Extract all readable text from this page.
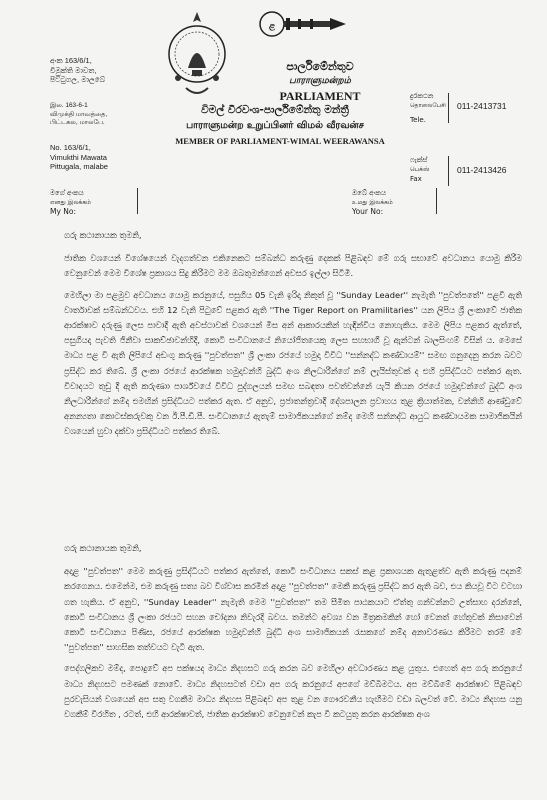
අංක 163/6/1,
විමුක්ති මාවත,
පිට්ටුගල, මාලබේ
இல. 163-6-1
விமுக்தி மாவத்தை,
பிட்டகல, மாலபே.
No. 163/6/1,
Vimukthi Mawata
Pittugala, malabe
ළ
පාර්ලිමේන්තුව
பாராளுமன்றம்
PARLIAMENT
විමල් වීරවංශ-පාර්ලිමේන්තු මන්ත්‍රී
பாராளுமன்ற உறுப்பினர் விமல் வீரவன்ச
MEMBER OF PARLIAMENT-WIMAL WEERAWANSA
දුරකථන
தொலைபேசி
Tele.
011-2413731
ෆැක්ස්
பெக்ஸ்
Fax
011-2413426
මගේ අංකය
எனது இலக்கம்
My No:
ඔබේ අංකය
உமது இலக்கம்
Your No:
ගරු කථානායක තුමනි,

ජාතික වශයෙන් විශේෂයෙන් වැදගත්වන එකිනෙකට සම්බන්ධ කරුණු දෙකක් පිළිබඳව මේ ගරු සභාවේ අවධානය යොමු කිරීම වෙනුවෙන් මෙම විශේෂ ප්‍රකාශය සිදු කිරීමට මම ඔබතුමන්ගෙන් අවසර ඉල්ලා සිටිමි.

මෙහිලා මා පළමුව අවධානය යොමු කරනුයේ, පසුගිය 05 වැනි ඉරිදා නිකුත් වූ ''Sunday Leader'' නැමැති ''පුවත්පතේ'' පළවී ඇති වාර්තාවක් සම්බන්ධවය. එහි 12 වැනි පිටුවේ පළකර ඇති ''The Tiger Report on Pramilitaries'' යන ලිපිය ශ්‍රී ලංකාවේ ජාතික ආරක්ෂාව දරුණු ලෙස පාවාදී ඇති අවස්ථාවක් වශයෙන් මීස අන් ආකාරයකින් හැඳින්විය නොහැකිය. මෙම ලිපිය පළකර ඇත්තේ, පසුගියදා පැවති ජිනීවා සාකච්ඡාවන්හිදී, කොටි සංවිධානයේ නියෝජිතයෙකු ලෙස සහභාගී වූ ඇන්ටන් බාලසිංහම් විසින් ය. මෙසේ මාධ්‍ය පළ වී ඇති ලිපියේ අඩංගු කරුණු ''පුවත්පත'' ශ්‍රී ලංකා රජයේ හමුදා විවිධ ''සන්නද්ධ කණ්ඩායම්'' සමඟ ගනුදෙනු කරන බවට ප්‍රසිද්ධ කර තිබේ. ශ්‍රී ලංකා රජයේ ආරක්ෂක හමුදාවන්හි බුද්ධි අංශ නිලධාරීන්ගේ නම් ලැයිස්තුවක් ද එහි ප්‍රසිද්ධියට පත්කර ඇත. විවාදයට තුඩු දී ඇති කරුණාා පාර්ශ්වයේ විවිධ පුද්ගලයන් සමඟ සබඳතා පවත්වන්නේ යැයි කියන රජයේ හමුදාවන්ගේ බුද්ධි අංශ නිලධාරීන්ගේ නම්ද එමඟින් ප්‍රසිද්ධියට පත්කර ඇත. ඒ අනුව, ප්‍රජාතන්ත්‍රවාදී දේශපාලන ප්‍රවාහය තුළ ක්‍රියාත්මක, වන්නිහි ආණ්ඩුවේ අනන්‍යතා කොටස්කරුවකු වන ඊ.පී.ඩී.පී. සංවිධානයේ ඇතැම් සාමාජිකයන්ගේ නම්ද මෙහි සන්නද්ධ ආයුධ කණ්ඩායමක සාමාජිකයින් වශයෙන් හුවා දක්වා ප්‍රසිද්ධියට පත්කර තිබේ.

ගරු කථානායක තුමනි,

අදාළ ''පුවත්පත'' මෙම කරුණු ප්‍රසිද්ධියට පත්කර ඇත්තේ, කොටි සංවිධානය සකස් කළ ප්‍රකාශයක ඇතුළත්ව ඇති කරුණු පදනම් කරගෙනය. එමෙන්ම, එම කරුණු සත්‍ය බව විශ්වාස කරමින් අදාළ ''පුවත්පත'' මෙකී කරුණු ප්‍රසිද්ධ කර ඇති බව, එය කියවූ විට වටහා ගත හැකිය. ඒ අනුව, ''Sunday Leader'' නැමැති මෙම ''පුවත්පත'' තම සීමිත පාඨකයාට ඒත්තු ගන්වන්නට උත්සාහ දරන්නේ, කොටි සංවිධානය ශ්‍රී ලංකා රජයට සහන චෝදනා නිවැරදි බවය. තමන්ට අවශ්‍ය වන මිත්‍රකමකින් හෝ වෙනත් හේතුවක් නිසාවෙන් කොටි සංවිධානය පිණිස, රජයේ ආරක්ෂක හමුදාවන්හි බුද්ධි අංශ සාමාජිකයන් රැසකගේ නම්ද අනාවරණය කිරීමට තරම් මේ ''පුවත්පත'' සාහසික තත්වයට වැටී ඇත.

පෙද්ගලිකව මම්ද, පොදුවේ අප පක්ෂයද මාධ්‍ය නිදහසට ගරු කරන බව මෙහිලා අවධාරණය කළ යුතුය. එහෙත් අප ගරු කරනුයේ මාධ්‍ය නිදහසට පමණක් නොවේ. මාධ්‍ය නිදහසටත් වඩා අප ගරු කරනුයේ අපගේ මව්බිමටය. අප මව්බිමේ ආරක්ෂාව පිළිබඳව පුරවැසියන් වශයෙන් අප සතු වගකීම මාධ්‍ය නිදහස පිළිබඳව අප තුළ වන ගෞරවනීය හැඟීමට වඩා බලවත් වේ. මාධ්‍ය නිදහස යනු වගකීම් විරහිත , රටත්, එහි ආරක්ෂාවත්, ජාතික ආරක්ෂාව වෙනුවෙන් කැප වී කටයුතු කරන ආරක්ෂක අංශ
